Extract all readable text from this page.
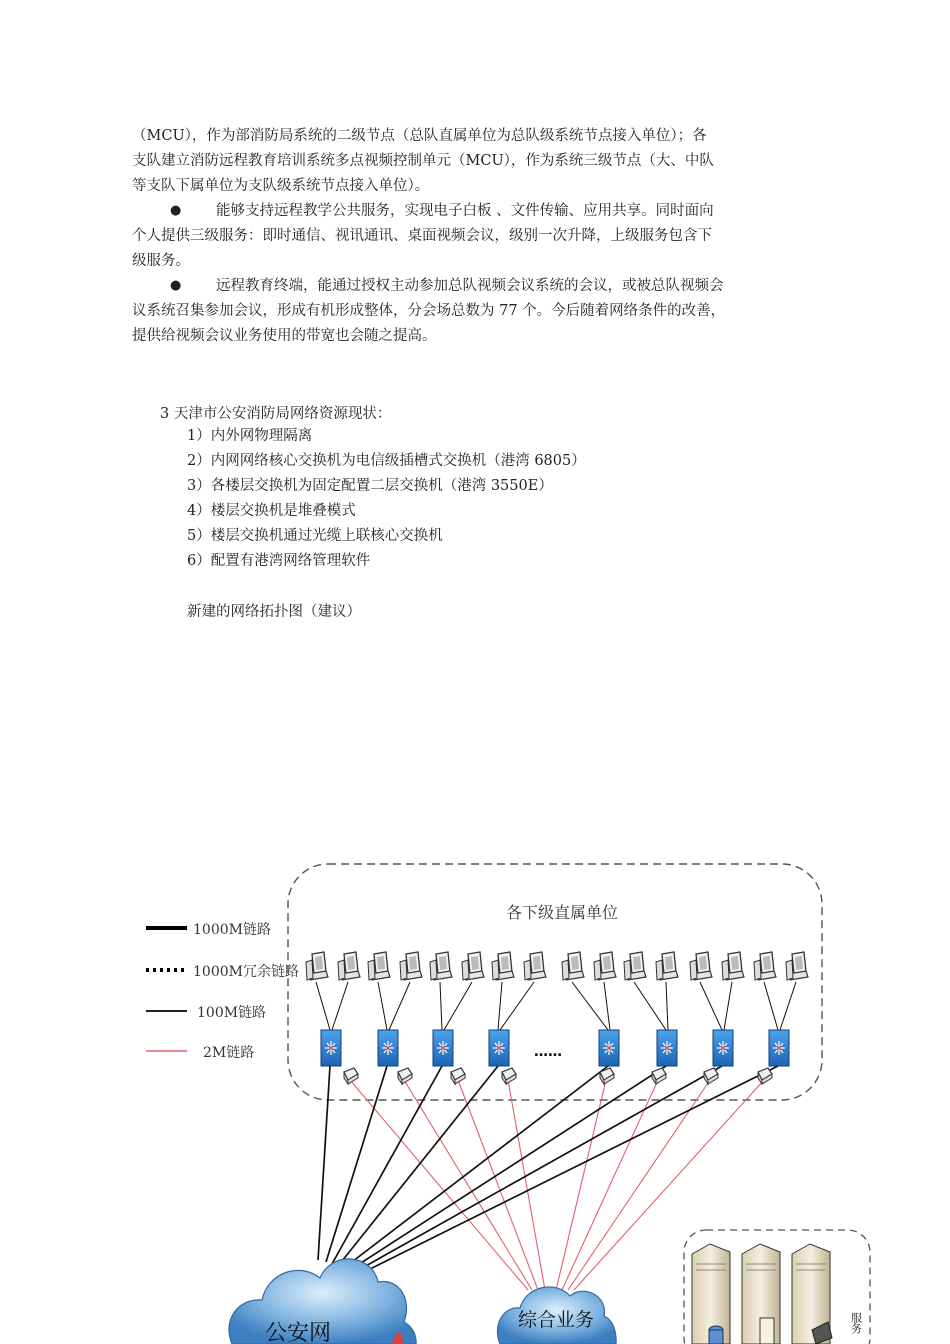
（MCU），作为部消防局系统的二级节点（总队直属单位为总队级系统节点接入单位）；各
支队建立消防远程教育培训系统多点视频控制单元（MCU），作为系统三级节点（大、中队
等支队下属单位为支队级系统节点接入单位）。
●	能够支持远程教学公共服务，实现电子白板 、文件传输、应用共享。同时面向
个人提供三级服务：即时通信、视讯通讯、桌面视频会议，级别一次升降，上级服务包含下
级服务。
●	远程教育终端，能通过授权主动参加总队视频会议系统的会议，或被总队视频会
议系统召集参加会议，形成有机形成整体，分会场总数为 77 个。今后随着网络条件的改善，
提供给视频会议业务使用的带宽也会随之提高。
3 天津市公安消防局网络资源现状：
1）内外网物理隔离
2）内网网络核心交换机为电信级插槽式交换机（港湾 6805）
3）各楼层交换机为固定配置二层交换机（港湾 3550E）
4）楼层交换机是堆叠模式
5）楼层交换机通过光缆上联核心交换机
6）配置有港湾网络管理软件
新建的网络拓扑图（建议）
1000M链路
1000M冗余链路
100M链路
2M链路
各下级直属单位
……
公安网
综合业务	服务
